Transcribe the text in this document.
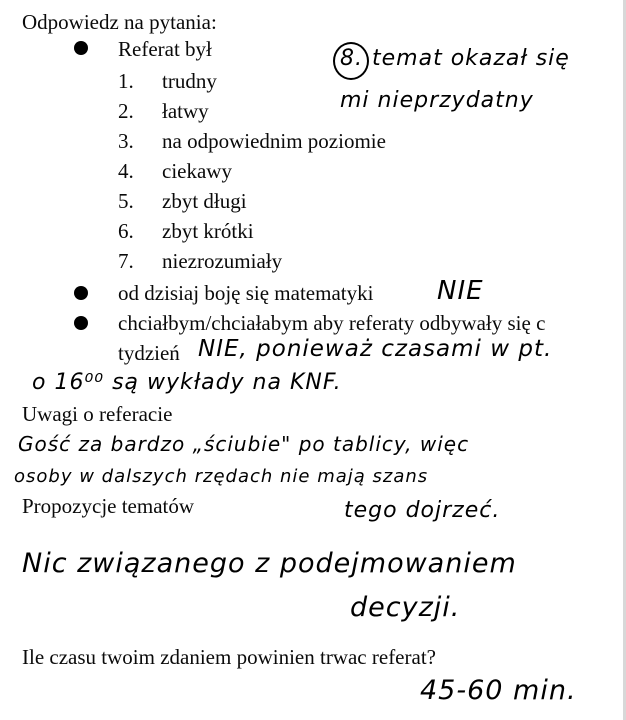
Odpowiedz na pytania:
Referat był
1. trudny
2. łatwy
3. na odpowiednim poziomie
4. ciekawy
5. zbyt długi
6. zbyt krótki
7. niezrozumiały
od dzisiaj boję się matematyki
chciałbym/chciałabym aby referaty odbywały się c
tydzień
Uwagi o referacie
Propozycje tematów
Ile czasu twoim zdaniem powinien trwac referat?
8. temat okazał się
mi nieprzydatny
NIE
NIE, ponieważ czasami w pt.
o 16⁰⁰ są wykłady na KNF.
Gość za bardzo „ściubie" po tablicy, więc
osoby w dalszych rzędach nie mają szans
tego dojrzeć.
Nic związanego z podejmowaniem
decyzji.
45-60 min.
